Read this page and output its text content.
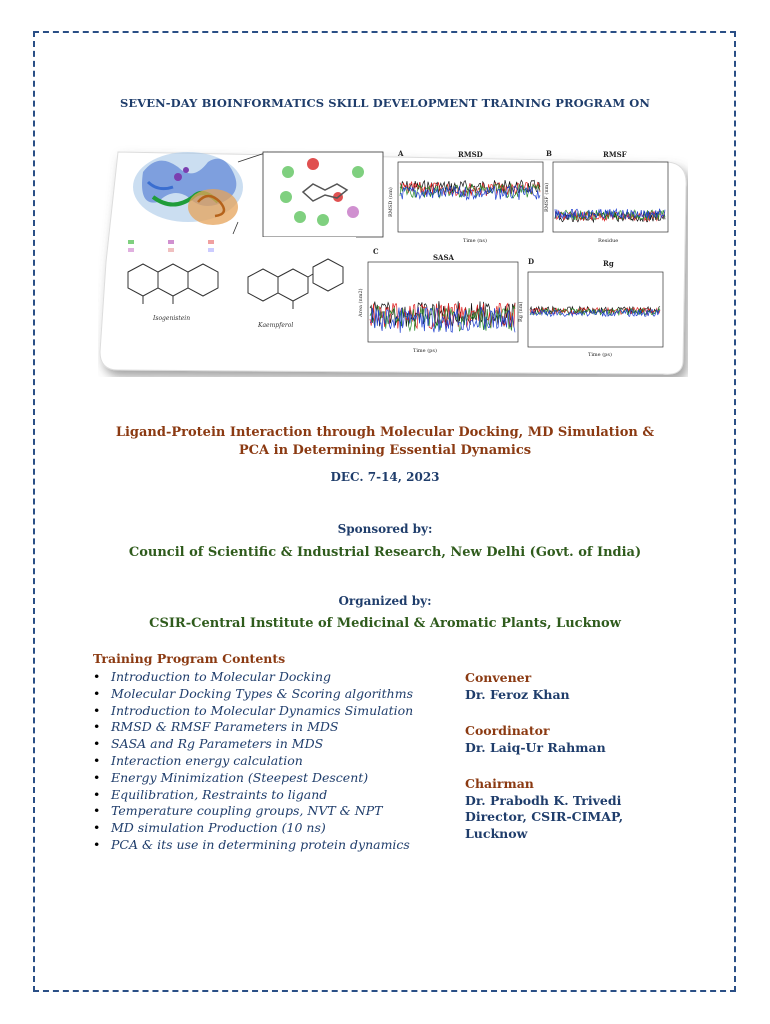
SEVEN-DAY BIOINFORMATICS SKILL DEVELOPMENT TRAINING PROGRAM ON
Isogenistein
Kaempferol
A	RMSD
Time (ns)
RMSD (nm)
B	RMSF
Residue
RMSF (nm)
C
SASA
Time (ps)
Area (nm2)
D	Rg
Time (ps)
Rg (nm)
Ligand-Protein Interaction through Molecular Docking, MD Simulation &
PCA in Determining Essential Dynamics
DEC. 7-14, 2023
Sponsored by:
Council of Scientific & Industrial Research, New Delhi (Govt. of India)
Organized by:
CSIR-Central Institute of Medicinal & Aromatic Plants, Lucknow
Training Program Contents
• Introduction to Molecular Docking
• Molecular Docking Types & Scoring algorithms
• Introduction to Molecular Dynamics Simulation
• RMSD & RMSF Parameters in MDS
• SASA and Rg Parameters in MDS
• Interaction energy calculation
• Energy Minimization (Steepest Descent)
• Equilibration, Restraints to ligand
• Temperature coupling groups, NVT & NPT
• MD simulation Production (10 ns)
• PCA & its use in determining protein dynamics
Convener
Dr. Feroz Khan
Coordinator
Dr. Laiq-Ur Rahman
Chairman
Dr. Prabodh K. Trivedi
Director, CSIR-CIMAP,
Lucknow
